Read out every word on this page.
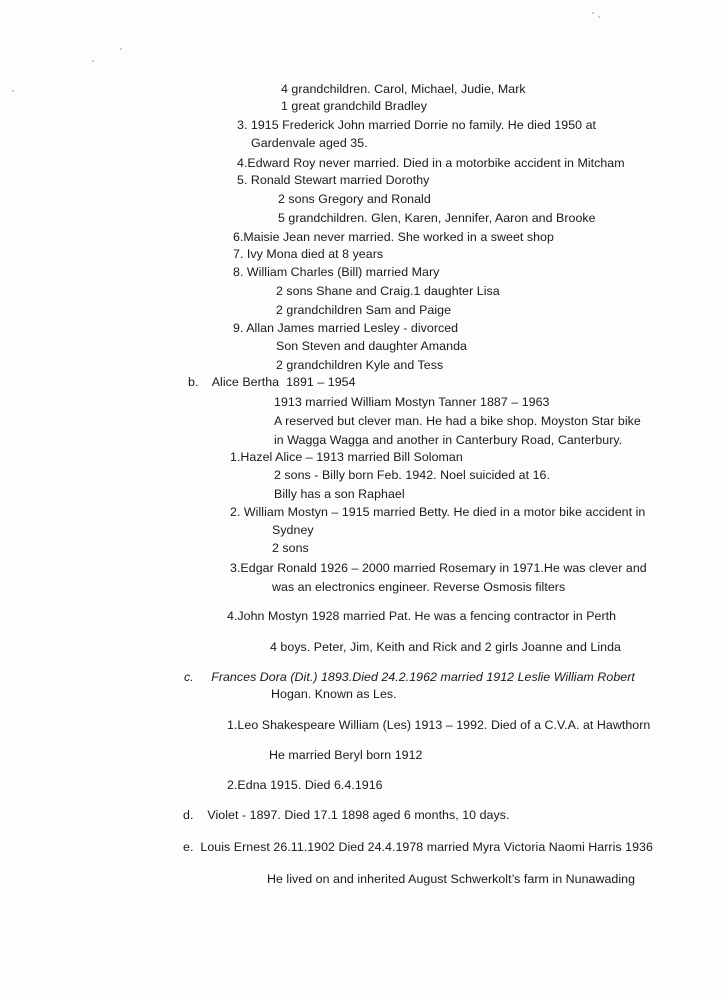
4 grandchildren. Carol, Michael, Judie, Mark
1 great grandchild Bradley
3. 1915 Frederick John married Dorrie no family. He died 1950 at
Gardenvale aged 35.
4.Edward Roy never married. Died in a motorbike accident in Mitcham
5. Ronald Stewart married Dorothy
2 sons Gregory and Ronald
5 grandchildren. Glen, Karen, Jennifer, Aaron and Brooke
6.Maisie Jean never married. She worked in a sweet shop
7. Ivy Mona died at 8 years
8. William Charles (Bill) married Mary
2 sons Shane and Craig.1 daughter Lisa
2 grandchildren Sam and Paige
9. Allan James married Lesley - divorced
Son Steven and daughter Amanda
2 grandchildren Kyle and Tess
b.    Alice Bertha  1891 – 1954
1913 married William Mostyn Tanner 1887 – 1963
A reserved but clever man. He had a bike shop. Moyston Star bike
in Wagga Wagga and another in Canterbury Road, Canterbury.
1.Hazel Alice – 1913 married Bill Soloman
2 sons - Billy born Feb. 1942. Noel suicided at 16.
Billy has a son Raphael
2. William Mostyn – 1915 married Betty. He died in a motor bike accident in
Sydney
2 sons
3.Edgar Ronald 1926 – 2000 married Rosemary in 1971.He was clever and
was an electronics engineer. Reverse Osmosis filters
4.John Mostyn 1928 married Pat. He was a fencing contractor in Perth
4 boys. Peter, Jim, Keith and Rick and 2 girls Joanne and Linda
c.     Frances Dora (Dit.) 1893.Died 24.2.1962 married 1912 Leslie William Robert
Hogan. Known as Les.
1.Leo Shakespeare William (Les) 1913 – 1992. Died of a C.V.A. at Hawthorn
He married Beryl born 1912
2.Edna 1915. Died 6.4.1916
d.    Violet - 1897. Died 17.1 1898 aged 6 months, 10 days.
e.  Louis Ernest 26.11.1902 Died 24.4.1978 married Myra Victoria Naomi Harris 1936
He lived on and inherited August Schwerkolt’s farm in Nunawading
